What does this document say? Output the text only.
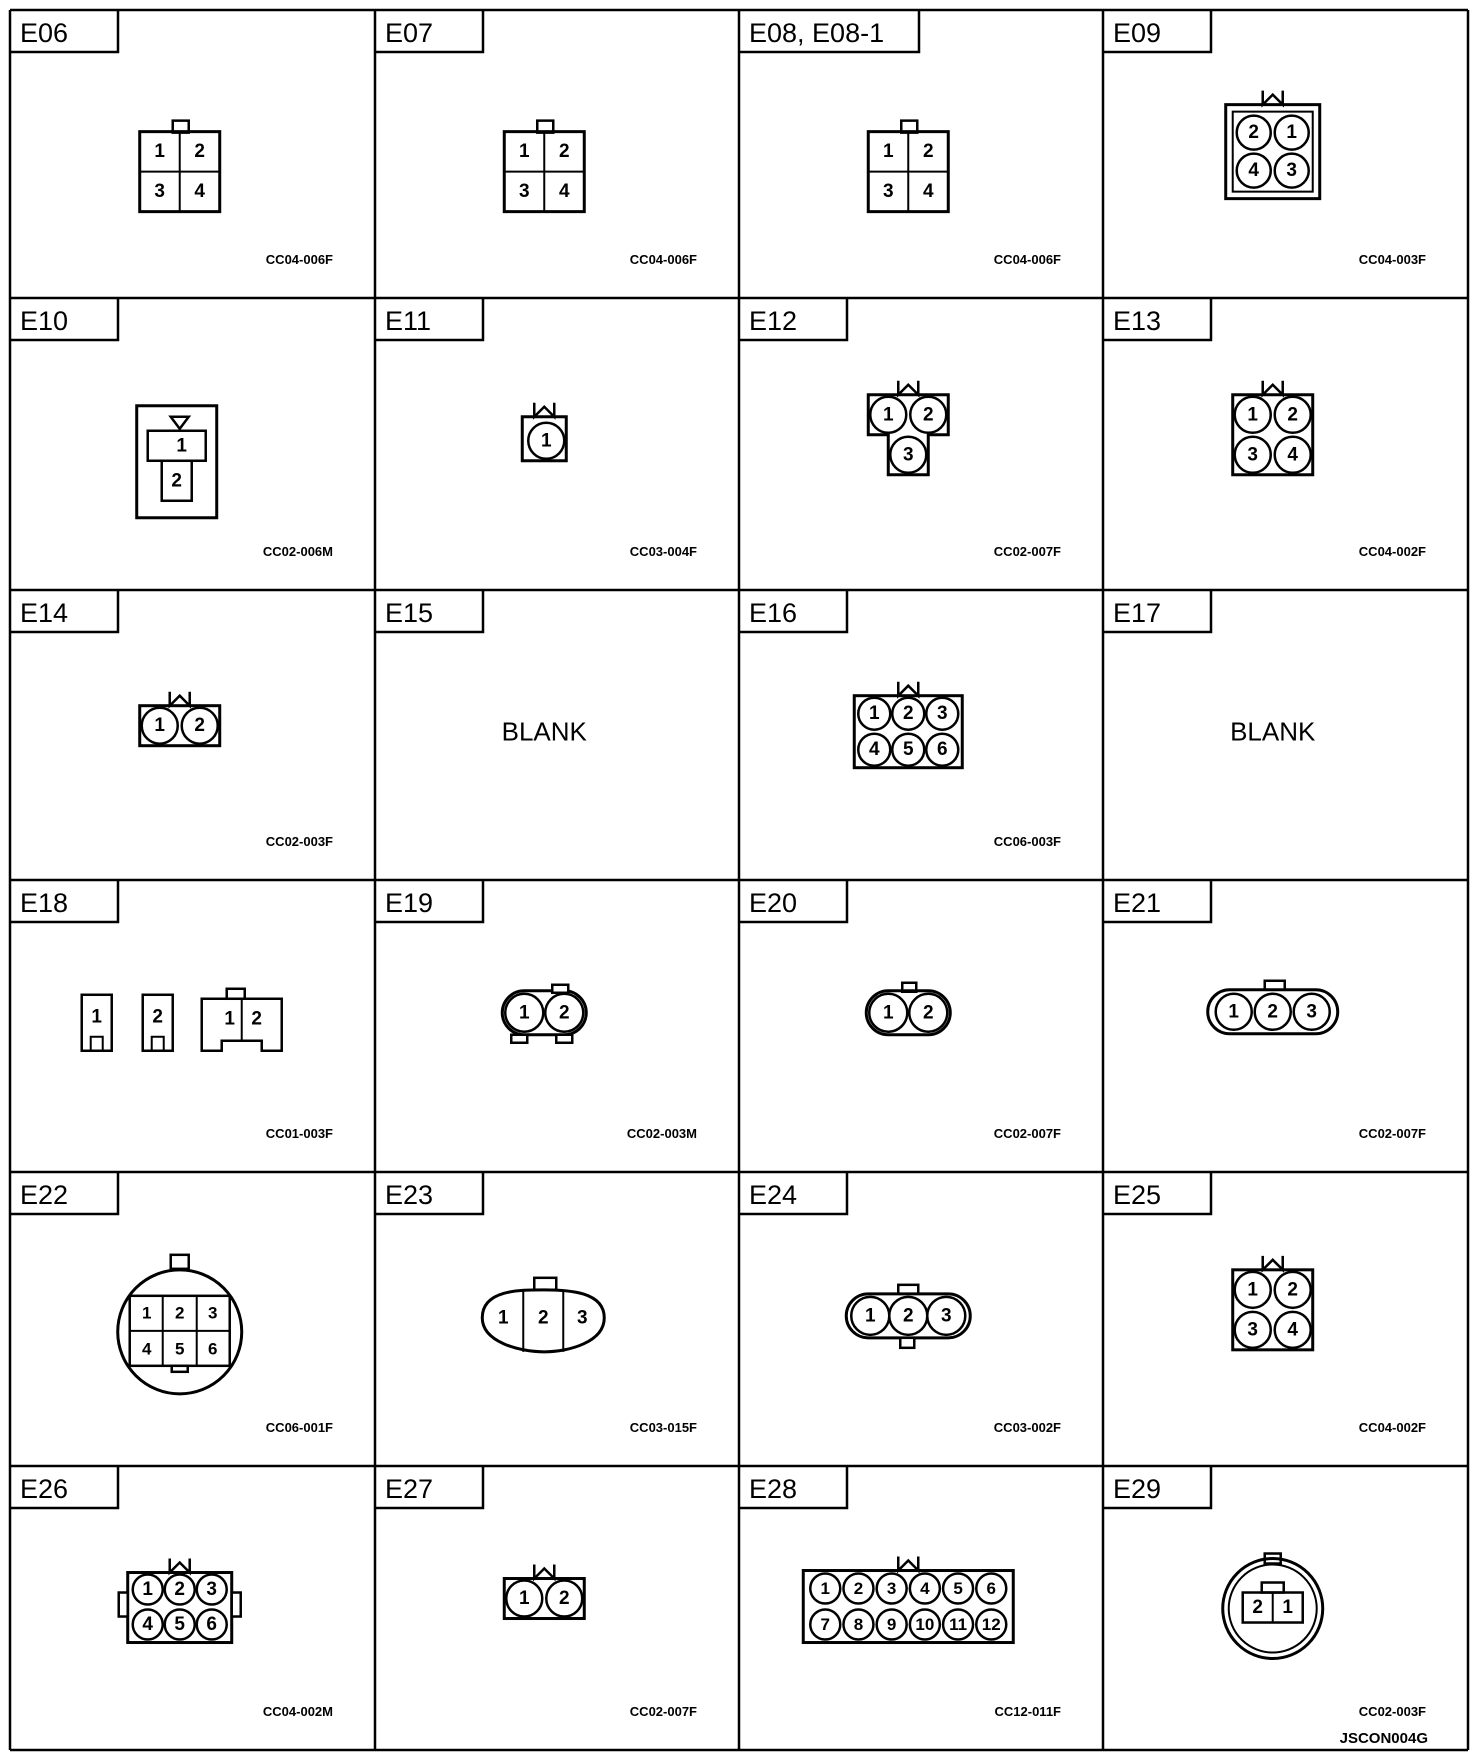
E06
1 2
3 4
CC04-006F
E07
1 2
3 4
CC04-006F
E08, E08-1
1 2
3 4
CC04-006F
E09
2 1
4 3
CC04-003F
E10
1
2
CC02-006M
E11
1
CC03-004F
E12
1 2
3
CC02-007F
E13
1 2
3 4
CC04-002F
E14
1 2
CC02-003F
E15
BLANK
E16
1 2 3
4 5 6
CC06-003F
E17
BLANK
E18
1	2	1 2
CC01-003F
E19
1 2
CC02-003M
E20
1 2
CC02-007F
E21
1 2 3
CC02-007F
E22
1 2 3
4 5 6
CC06-001F
E23
1 2 3
CC03-015F
E24
1 2 3
CC03-002F
E25
1 2
3 4
CC04-002F
E26
1 2 3
4 5 6
CC04-002M
E27
1 2
CC02-007F
E28
1 2 3 4 5 6
7 8 9 10 11 12
CC12-011F
E29
2 1
CC02-003F
JSCON004G
